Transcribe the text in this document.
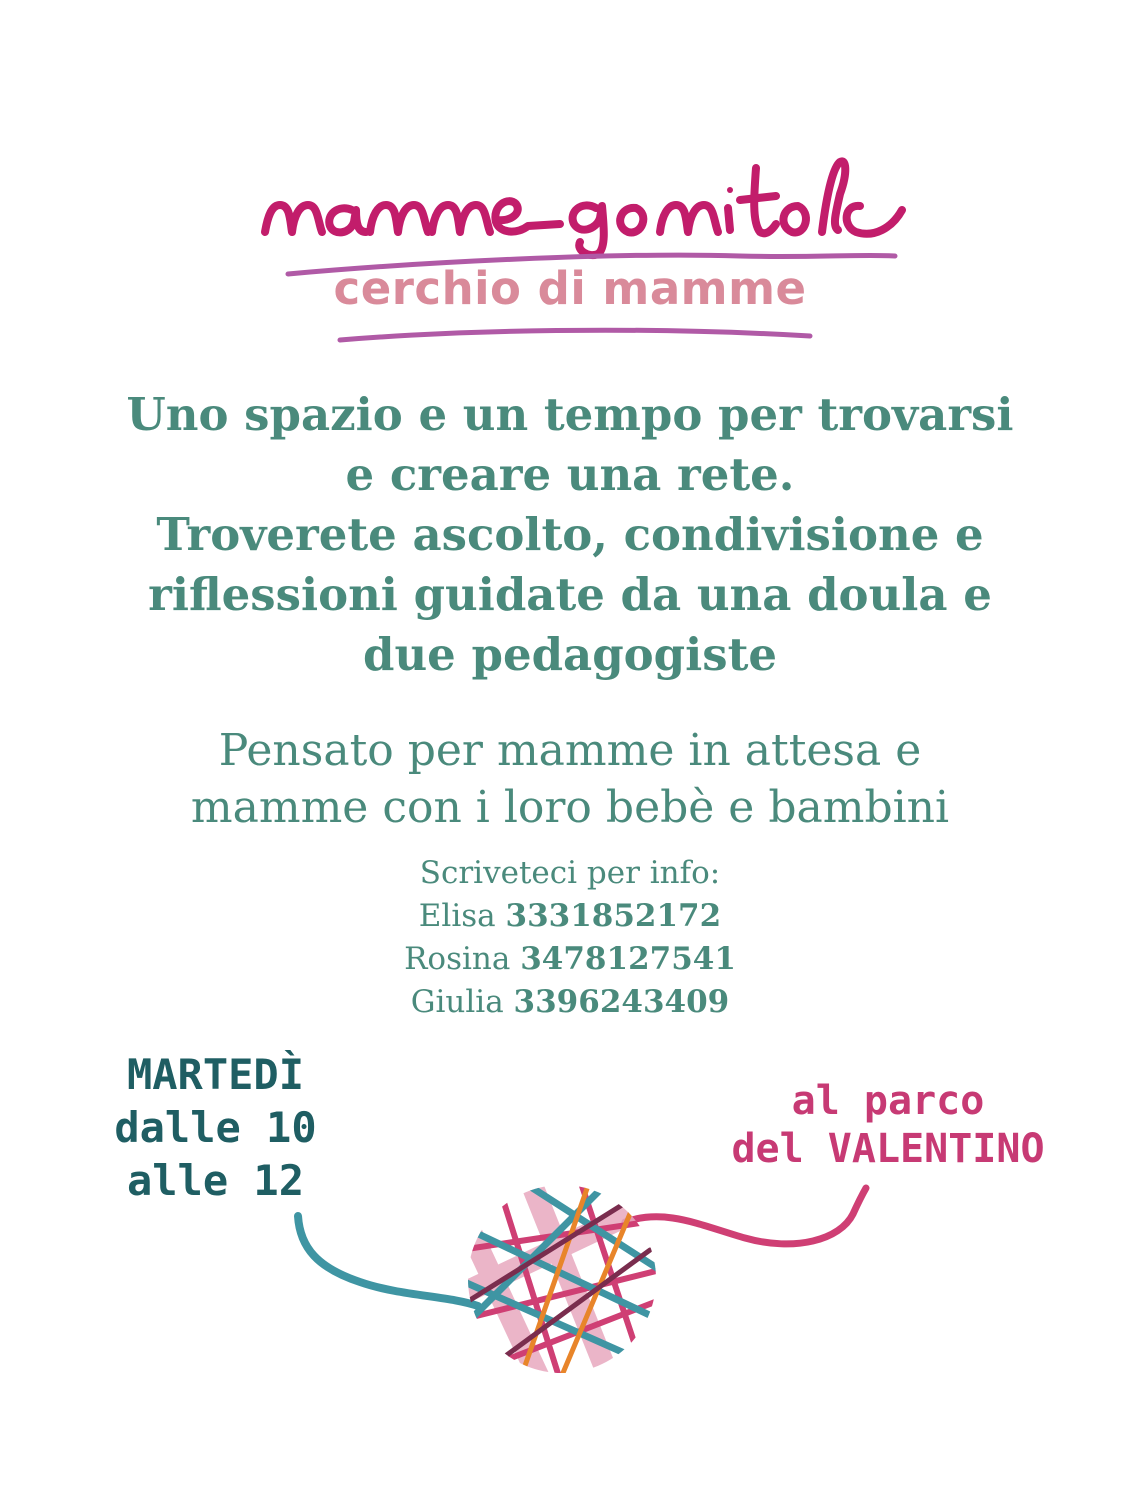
cerchio di mamme
Uno spazio e un tempo per trovarsi
e creare una rete.
Troverete ascolto, condivisione e
riflessioni guidate da una doula e
due pedagogiste
Pensato per mamme in attesa e
mamme con i loro bebè e bambini
Scriveteci per info:
Elisa 3331852172
Rosina 3478127541
Giulia 3396243409
MARTEDÌ
dalle 10
alle 12
al parco
del VALENTINO
